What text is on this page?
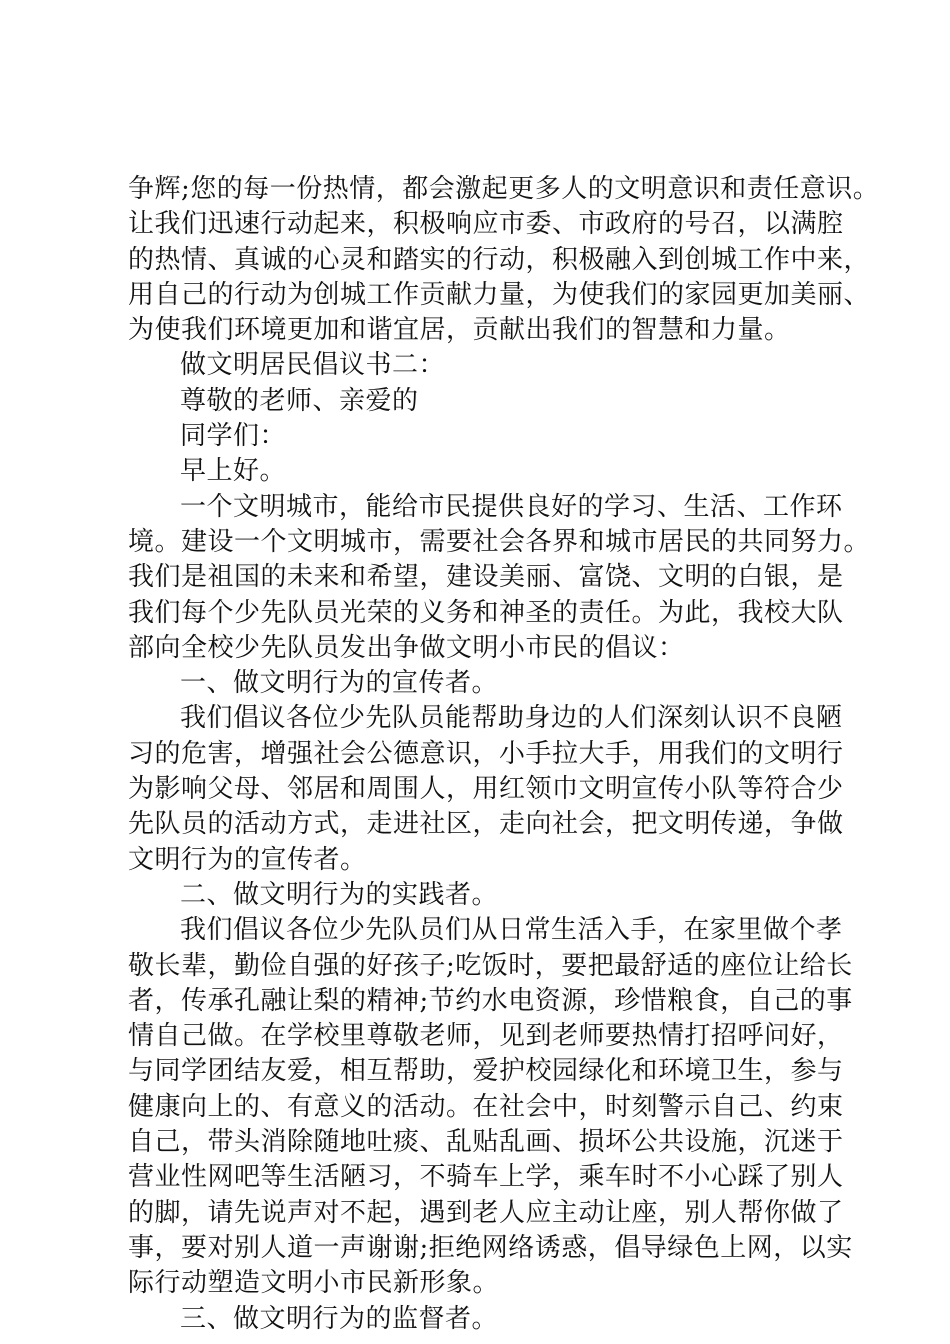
争辉;您的每一份热情，都会激起更多人的文明意识和责任意识。
让我们迅速行动起来，积极响应市委、市政府的号召，以满腔
的热情、真诚的心灵和踏实的行动，积极融入到创城工作中来，
用自己的行动为创城工作贡献力量，为使我们的家园更加美丽、
为使我们环境更加和谐宜居，贡献出我们的智慧和力量。
做文明居民倡议书二：
尊敬的老师、亲爱的
同学们：
早上好。
一个文明城市，能给市民提供良好的学习、生活、工作环
境。建设一个文明城市，需要社会各界和城市居民的共同努力。
我们是祖国的未来和希望，建设美丽、富饶、文明的白银，是
我们每个少先队员光荣的义务和神圣的责任。为此，我校大队
部向全校少先队员发出争做文明小市民的倡议：
一、做文明行为的宣传者。
我们倡议各位少先队员能帮助身边的人们深刻认识不良陋
习的危害，增强社会公德意识，小手拉大手，用我们的文明行
为影响父母、邻居和周围人，用红领巾文明宣传小队等符合少
先队员的活动方式，走进社区，走向社会，把文明传递，争做
文明行为的宣传者。
二、做文明行为的实践者。
我们倡议各位少先队员们从日常生活入手，在家里做个孝
敬长辈，勤俭自强的好孩子;吃饭时，要把最舒适的座位让给长
者，传承孔融让梨的精神;节约水电资源，珍惜粮食，自己的事
情自己做。在学校里尊敬老师，见到老师要热情打招呼问好，
与同学团结友爱，相互帮助，爱护校园绿化和环境卫生，参与
健康向上的、有意义的活动。在社会中，时刻警示自己、约束
自己，带头消除随地吐痰、乱贴乱画、损坏公共设施，沉迷于
营业性网吧等生活陋习，不骑车上学，乘车时不小心踩了别人
的脚，请先说声对不起，遇到老人应主动让座，别人帮你做了
事，要对别人道一声谢谢;拒绝网络诱惑，倡导绿色上网，以实
际行动塑造文明小市民新形象。
三、做文明行为的监督者。
